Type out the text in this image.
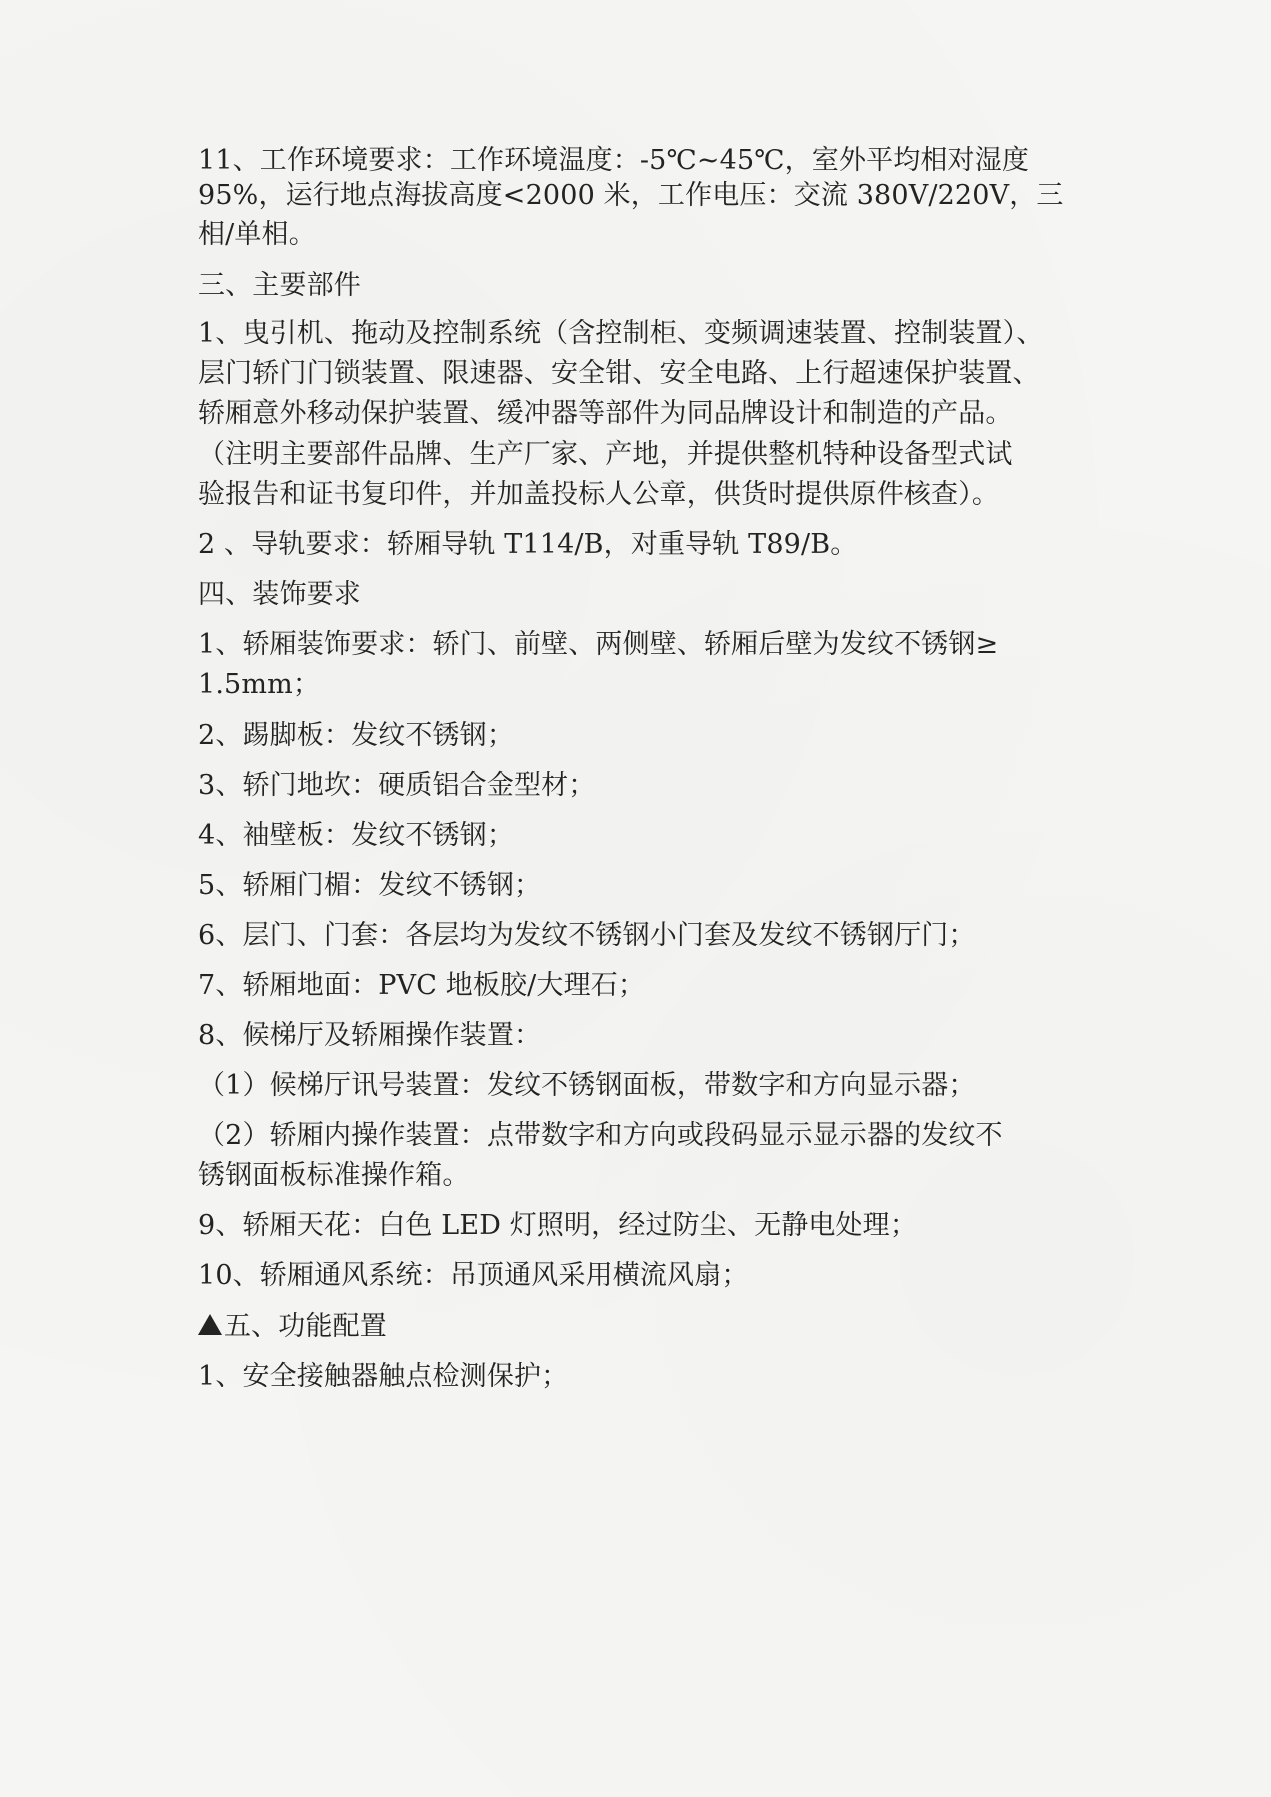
11、工作环境要求：工作环境温度：-5℃~45℃，室外平均相对湿度
95%，运行地点海拔高度<2000 米，工作电压：交流 380V/220V，三
相/单相。
三、主要部件
1、曳引机、拖动及控制系统（含控制柜、变频调速装置、控制装置）、
层门轿门门锁装置、限速器、安全钳、安全电路、上行超速保护装置、
轿厢意外移动保护装置、缓冲器等部件为同品牌设计和制造的产品。
（注明主要部件品牌、生产厂家、产地，并提供整机特种设备型式试
验报告和证书复印件，并加盖投标人公章，供货时提供原件核查）。
2 、导轨要求：轿厢导轨 T114/B，对重导轨 T89/B。
四、装饰要求
1、轿厢装饰要求：轿门、前壁、两侧壁、轿厢后壁为发纹不锈钢≥
1.5mm；
2、踢脚板：发纹不锈钢；
3、轿门地坎：硬质铝合金型材；
4、袖壁板：发纹不锈钢；
5、轿厢门楣：发纹不锈钢；
6、层门、门套：各层均为发纹不锈钢小门套及发纹不锈钢厅门；
7、轿厢地面：PVC 地板胶/大理石；
8、候梯厅及轿厢操作装置：
（1）候梯厅讯号装置：发纹不锈钢面板，带数字和方向显示器；
（2）轿厢内操作装置：点带数字和方向或段码显示显示器的发纹不
锈钢面板标准操作箱。
9、轿厢天花：白色 LED 灯照明，经过防尘、无静电处理；
10、轿厢通风系统：吊顶通风采用横流风扇；
五、功能配置
1、安全接触器触点检测保护；
